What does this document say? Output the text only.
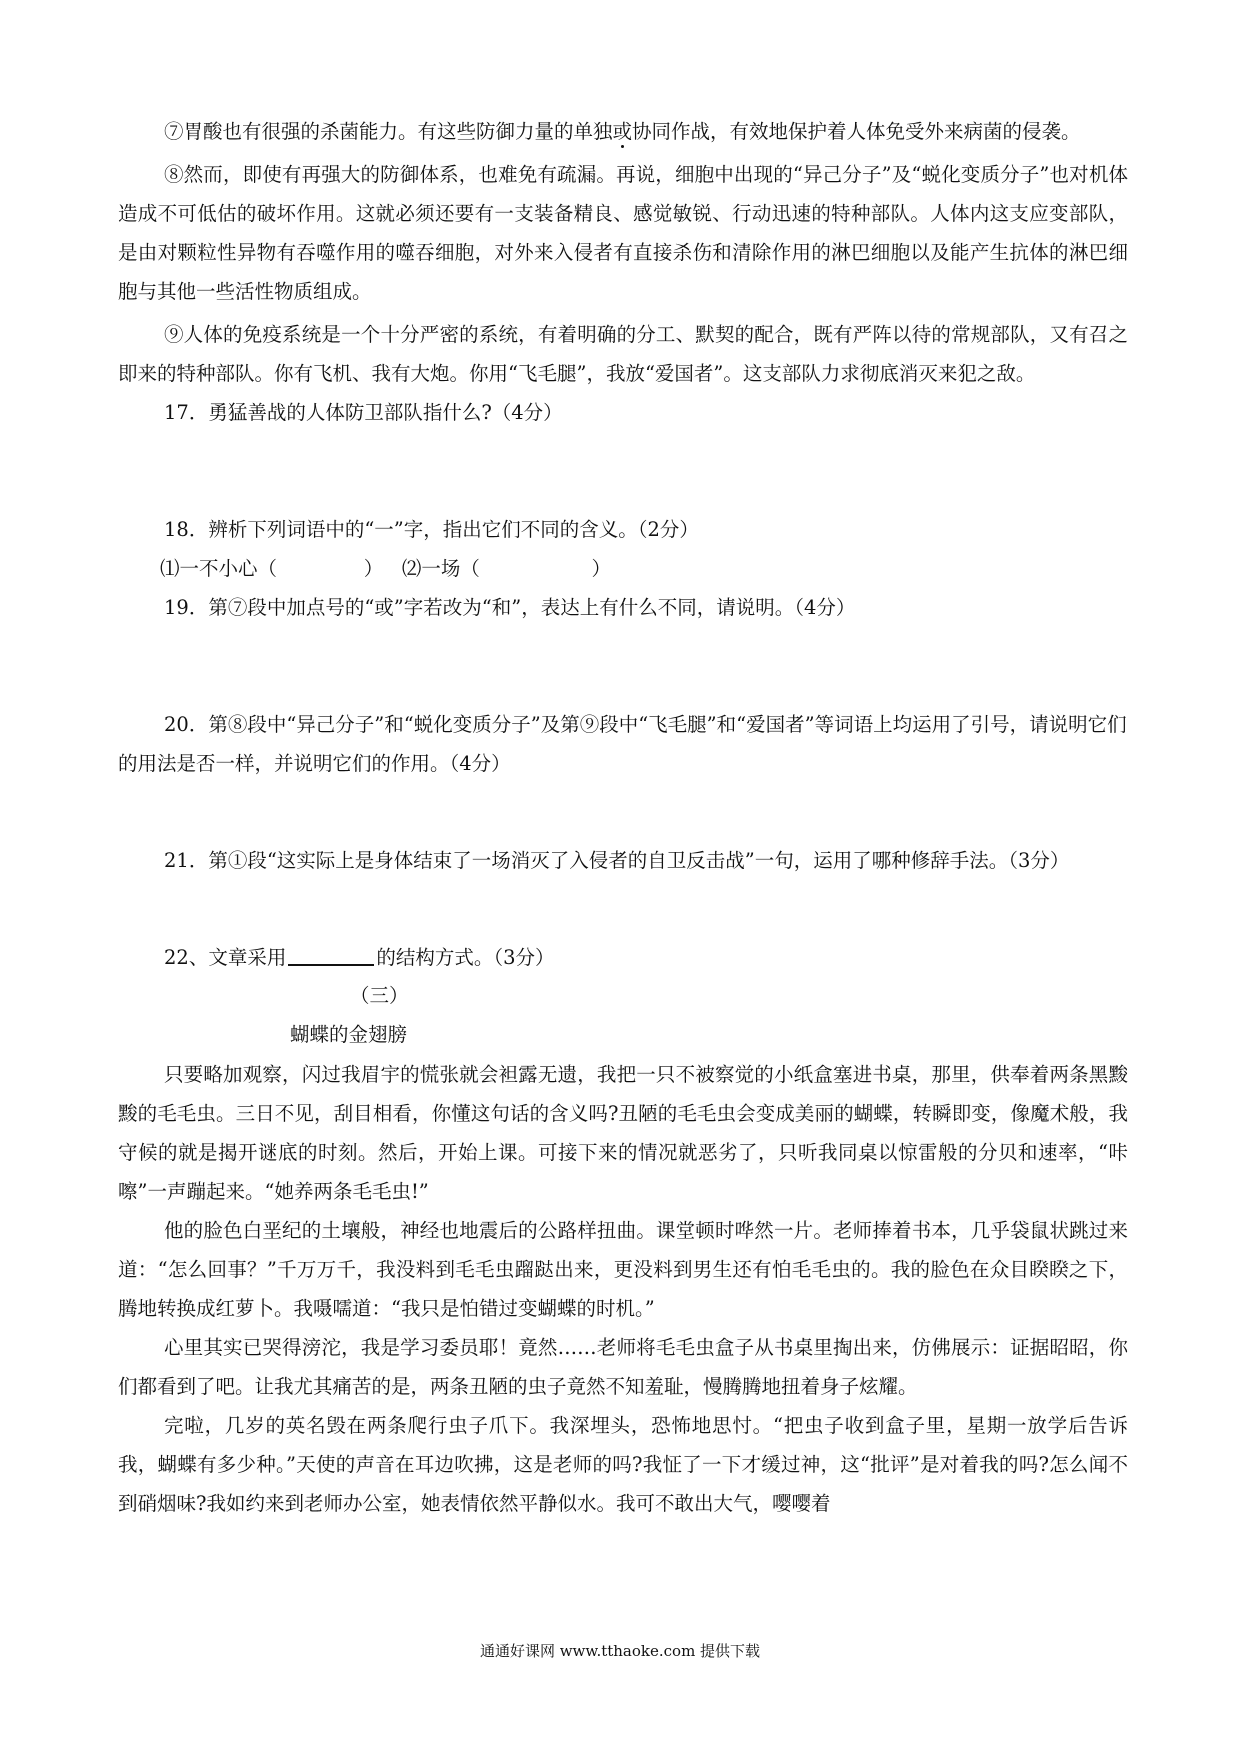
⑦胃酸也有很强的杀菌能力。有这些防御力量的单独或协同作战，有效地保护着人体免受外来病菌的侵袭。

⑧然而，即使有再强大的防御体系，也难免有疏漏。再说，细胞中出现的“异己分子”及“蜕化变质分子”也对机体造成不可低估的破坏作用。这就必须还要有一支装备精良、感觉敏锐、行动迅速的特种部队。人体内这支应变部队，是由对颗粒性异物有吞噬作用的噬吞细胞，对外来入侵者有直接杀伤和清除作用的淋巴细胞以及能产生抗体的淋巴细胞与其他一些活性物质组成。

⑨人体的免疫系统是一个十分严密的系统，有着明确的分工、默契的配合，既有严阵以待的常规部队，又有召之即来的特种部队。你有飞机、我有大炮。你用“飞毛腿”，我放“爱国者”。这支部队力求彻底消灭来犯之敌。

17．勇猛善战的人体防卫部队指什么?（4分）

18．辨析下列词语中的“一”字，指出它们不同的含义。（2分）

⑴一不小心（              ）   ⑵一场（                  ）

19．第⑦段中加点号的“或”字若改为“和”，表达上有什么不同，请说明。（4分）

20．第⑧段中“异己分子”和“蜕化变质分子”及第⑨段中“飞毛腿”和“爱国者”等词语上均运用了引号，请说明它们的用法是否一样，并说明它们的作用。（4分）

21．第①段“这实际上是身体结束了一场消灭了入侵者的自卫反击战”一句，运用了哪种修辞手法。（3分）

22、文章采用	的结构方式。（3分）

（三）

蝴蝶的金翅膀

只要略加观察，闪过我眉宇的慌张就会袒露无遗，我把一只不被察觉的小纸盒塞进书桌，那里，供奉着两条黑黢黢的毛毛虫。三日不见，刮目相看，你懂这句话的含义吗?丑陋的毛毛虫会变成美丽的蝴蝶，转瞬即变，像魔术般，我守候的就是揭开谜底的时刻。然后，开始上课。可接下来的情况就恶劣了，只听我同桌以惊雷般的分贝和速率，“咔嚓”一声蹦起来。“她养两条毛毛虫!”

他的脸色白垩纪的土壤般，神经也地震后的公路样扭曲。课堂顿时哗然一片。老师捧着书本，几乎袋鼠状跳过来道：“怎么回事？”千万万千，我没料到毛毛虫蹓跶出来，更没料到男生还有怕毛毛虫的。我的脸色在众目睽睽之下，腾地转换成红萝卜。我嗫嚅道：“我只是怕错过变蝴蝶的时机。”

心里其实已哭得滂沱，我是学习委员耶！竟然……老师将毛毛虫盒子从书桌里掏出来，仿佛展示：证据昭昭，你们都看到了吧。让我尤其痛苦的是，两条丑陋的虫子竟然不知羞耻，慢腾腾地扭着身子炫耀。

完啦，几岁的英名毁在两条爬行虫子爪下。我深埋头，恐怖地思忖。“把虫子收到盒子里，星期一放学后告诉我，蝴蝶有多少种。”天使的声音在耳边吹拂，这是老师的吗?我怔了一下才缓过神，这“批评”是对着我的吗?怎么闻不到硝烟味?我如约来到老师办公室，她表情依然平静似水。我可不敢出大气，嘤嘤着

通通好课网 www.tthaoke.com 提供下载
